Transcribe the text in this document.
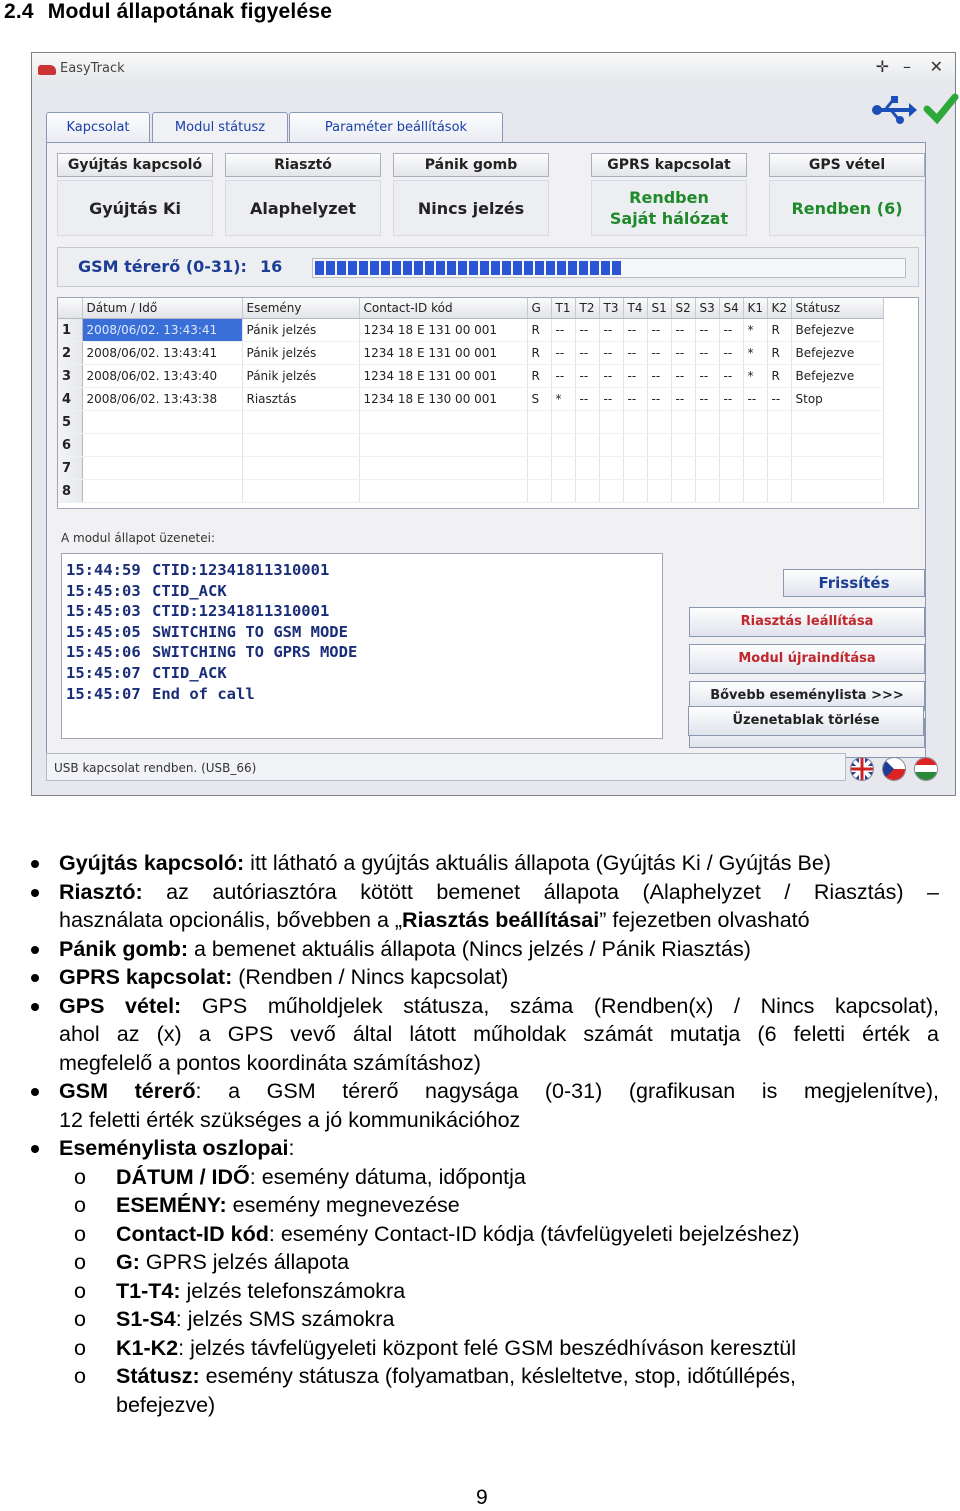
2.4 Modul állapotának figyelése
EasyTrack	✛ – ✕
Kapcsolat	Modul státusz	Paraméter beállítások
Gyújtás kapcsoló
Gyújtás Ki
Riasztó
Alaphelyzet
Pánik gomb
Nincs jelzés
GPRS kapcsolat
Rendben
Saját hálózat
GPS vétel
Rendben (6)
GSM térerő (0-31): 16
	Dátum / Idő	Esemény	Contact-ID kód	G	T1	T2	T3	T4	S1	S2	S3	S4	K1	K2	Státusz
1	2008/06/02. 13:43:41	Pánik jelzés	1234 18 E 131 00 001	R	--	--	--	--	--	--	--	--	*	R	Befejezve
2	2008/06/02. 13:43:41	Pánik jelzés	1234 18 E 131 00 001	R	--	--	--	--	--	--	--	--	*	R	Befejezve
3	2008/06/02. 13:43:40	Pánik jelzés	1234 18 E 131 00 001	R	--	--	--	--	--	--	--	--	*	R	Befejezve
4	2008/06/02. 13:43:38	Riasztás	1234 18 E 130 00 001	S	*	--	--	--	--	--	--	--	--	--	Stop
5															
6															
7															
8															
A modul állapot üzenetei:
15:44:59 CTID:12341811310001
15:45:03 CTID_ACK
15:45:03 CTID:12341811310001
15:45:05 SWITCHING TO GSM MODE
15:45:06 SWITCHING TO GPRS MODE
15:45:07 CTID_ACK
15:45:07 End of call
Frissítés
Riasztás leállítása
Modul újraindítása
Bővebb eseménylista >>>
Üzenetablak törlése
USB kapcsolat rendben. (USB_66)
Gyújtás kapcsoló: itt látható a gyújtás aktuális állapota (Gyújtás Ki / Gyújtás Be)
Riasztó: az autóriasztóra kötött bemenet állapota (Alaphelyzet / Riasztás) –
használata opcionális, bővebben a „Riasztás beállításai” fejezetben olvasható
Pánik gomb: a bemenet aktuális állapota (Nincs jelzés / Pánik Riasztás)
GPRS kapcsolat: (Rendben / Nincs kapcsolat)
GPS vétel: GPS műholdjelek státusza, száma (Rendben(x) / Nincs kapcsolat),
ahol az (x) a GPS vevő által látott műholdak számát mutatja (6 feletti érték a
megfelelő a pontos koordináta számításhoz)
GSM térerő: a GSM térerő nagysága (0-31) (grafikusan is megjelenítve),
12 feletti érték szükséges a jó kommunikációhoz
Eseménylista oszlopai:
o DÁTUM / IDŐ: esemény dátuma, időpontja
o ESEMÉNY: esemény megnevezése
o Contact-ID kód: esemény Contact-ID kódja (távfelügyeleti bejelzéshez)
o G: GPRS jelzés állapota
o T1-T4: jelzés telefonszámokra
o S1-S4: jelzés SMS számokra
o K1-K2: jelzés távfelügyeleti központ felé GSM beszédhíváson keresztül
o Státusz: esemény státusza (folyamatban, késleltetve, stop, időtúllépés,
befejezve)
9
